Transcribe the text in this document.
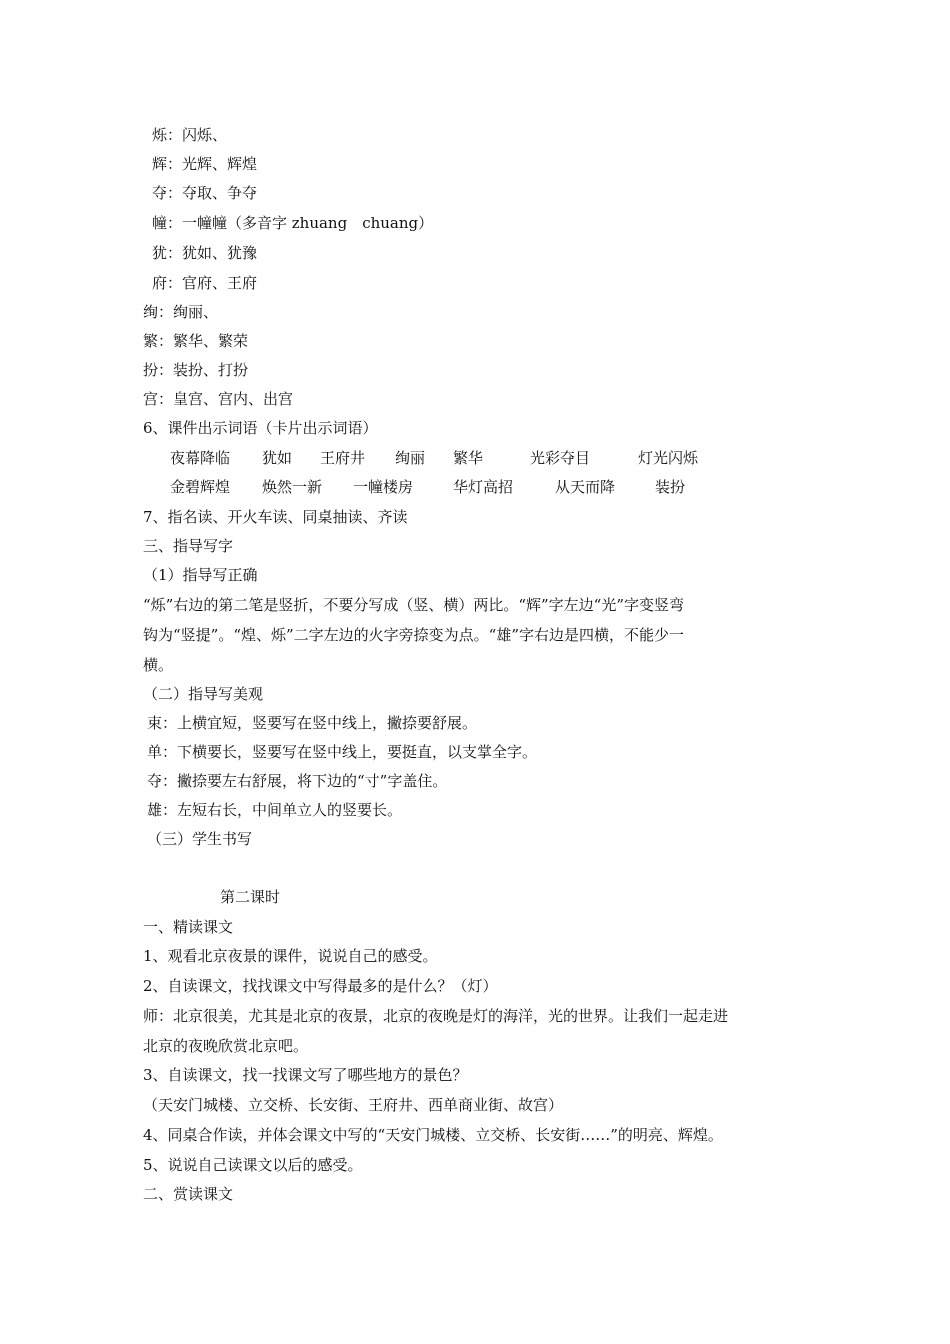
烁：闪烁、
辉：光辉、辉煌
夺：夺取、争夺
幢：一幢幢（多音字 zhuang　chuang）
犹：犹如、犹豫
府：官府、王府
绚：绚丽、
繁：繁华、繁荣
扮：装扮、打扮
宫：皇宫、宫内、出宫
6、课件出示词语（卡片出示词语）
夜幕降临 犹如 王府井 绚丽 繁华	光彩夺目	灯光闪烁
金碧辉煌 焕然一新 一幢楼房	华灯高招	从天而降	装扮
7、指名读、开火车读、同桌抽读、齐读
三、指导写字
（1）指导写正确
“烁”右边的第二笔是竖折，不要分写成（竖、横）两比。“辉”字左边“光”字变竖弯
钩为“竖提”。“煌、烁”二字左边的火字旁捺变为点。“雄”字右边是四横，不能少一
横。
（二）指导写美观
束：上横宜短，竖要写在竖中线上，撇捺要舒展。
单：下横要长，竖要写在竖中线上，要挺直，以支掌全字。
夺：撇捺要左右舒展，将下边的“寸”字盖住。
雄：左短右长，中间单立人的竖要长。
（三）学生书写
第二课时
一、精读课文
1、观看北京夜景的课件，说说自己的感受。
2、自读课文，找找课文中写得最多的是什么？（灯）
师：北京很美，尤其是北京的夜景，北京的夜晚是灯的海洋，光的世界。让我们一起走进
北京的夜晚欣赏北京吧。
3、自读课文，找一找课文写了哪些地方的景色？
（天安门城楼、立交桥、长安街、王府井、西单商业街、故宫）
4、同桌合作读，并体会课文中写的“天安门城楼、立交桥、长安街……”的明亮、辉煌。
5、说说自己读课文以后的感受。
二、赏读课文
